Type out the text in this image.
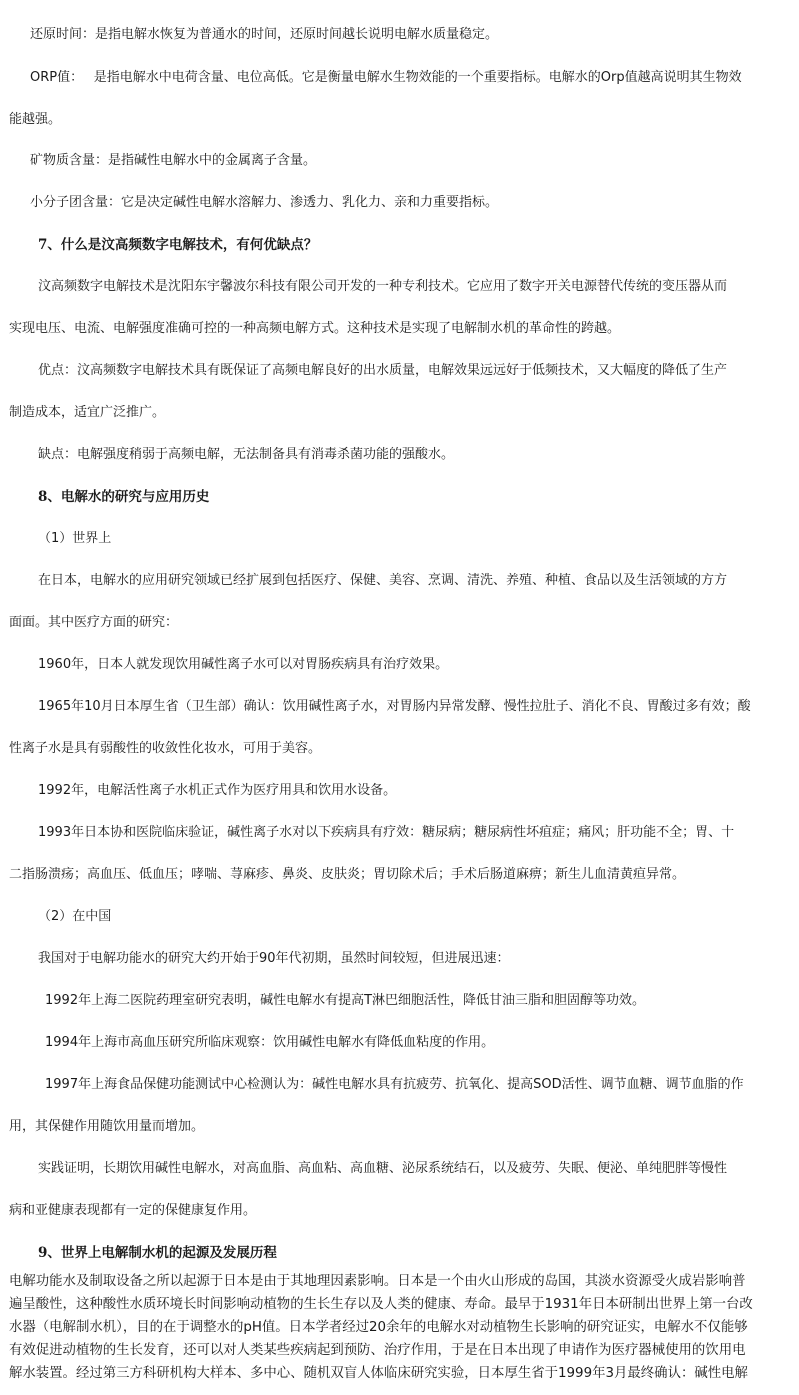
还原时间：是指电解水恢复为普通水的时间，还原时间越长说明电解水质量稳定。
ORP值：　 是指电解水中电荷含量、电位高低。它是衡量电解水生物效能的一个重要指标。电解水的Orp值越高说明其生物效
能越强。
矿物质含量：是指碱性电解水中的金属离子含量。
小分子团含量：它是决定碱性电解水溶解力、渗透力、乳化力、亲和力重要指标。
7、什么是汶高频数字电解技术，有何优缺点？
汶高频数字电解技术是沈阳东宇馨波尔科技有限公司开发的一种专利技术。它应用了数字开关电源替代传统的变压器从而
实现电压、电流、电解强度准确可控的一种高频电解方式。这种技术是实现了电解制水机的革命性的跨越。
优点：汶高频数字电解技术具有既保证了高频电解良好的出水质量，电解效果远远好于低频技术，又大幅度的降低了生产
制造成本，适宜广泛推广。
缺点：电解强度稍弱于高频电解，无法制备具有消毒杀菌功能的强酸水。
8、电解水的研究与应用历史
（1）世界上
在日本，电解水的应用研究领域已经扩展到包括医疗、保健、美容、烹调、清洗、养殖、种植、食品以及生活领域的方方
面面。其中医疗方面的研究：
1960年，日本人就发现饮用碱性离子水可以对胃肠疾病具有治疗效果。
1965年10月日本厚生省（卫生部）确认：饮用碱性离子水，对胃肠内异常发酵、慢性拉肚子、消化不良、胃酸过多有效；酸
性离子水是具有弱酸性的收敛性化妆水，可用于美容。
1992年，电解活性离子水机正式作为医疗用具和饮用水设备。
1993年日本协和医院临床验证，碱性离子水对以下疾病具有疗效：糖尿病；糖尿病性坏疽症；痛风；肝功能不全；胃、十
二指肠溃疡；高血压、低血压；哮喘、荨麻疹、鼻炎、皮肤炎；胃切除术后；手术后肠道麻痹；新生儿血清黄疸异常。
（2）在中国
我国对于电解功能水的研究大约开始于90年代初期，虽然时间较短，但进展迅速：
1992年上海二医院药理室研究表明，碱性电解水有提高T淋巴细胞活性，降低甘油三脂和胆固醇等功效。
1994年上海市高血压研究所临床观察：饮用碱性电解水有降低血粘度的作用。
1997年上海食品保健功能测试中心检测认为：碱性电解水具有抗疲劳、抗氧化、提高SOD活性、调节血糖、调节血脂的作
用，其保健作用随饮用量而增加。
实践证明，长期饮用碱性电解水，对高血脂、高血粘、高血糖、泌尿系统结石，以及疲劳、失眠、便泌、单纯肥胖等慢性
病和亚健康表现都有一定的保健康复作用。
9、世界上电解制水机的起源及发展历程
电解功能水及制取设备之所以起源于日本是由于其地理因素影响。日本是一个由火山形成的岛国，其淡水资源受火成岩影响普
遍呈酸性，这种酸性水质环境长时间影响动植物的生长生存以及人类的健康、寿命。最早于1931年日本研制出世界上第一台改
水器（电解制水机），目的在于调整水的pH值。日本学者经过20余年的电解水对动植物生长影响的研究证实，电解水不仅能够
有效促进动植物的生长发育，还可以对人类某些疾病起到预防、治疗作用，于是在日本出现了申请作为医疗器械使用的饮用电
解水装置。经过第三方科研机构大样本、多中心、随机双盲人体临床研究实验，日本厚生省于1999年3月最终确认：碱性电解
